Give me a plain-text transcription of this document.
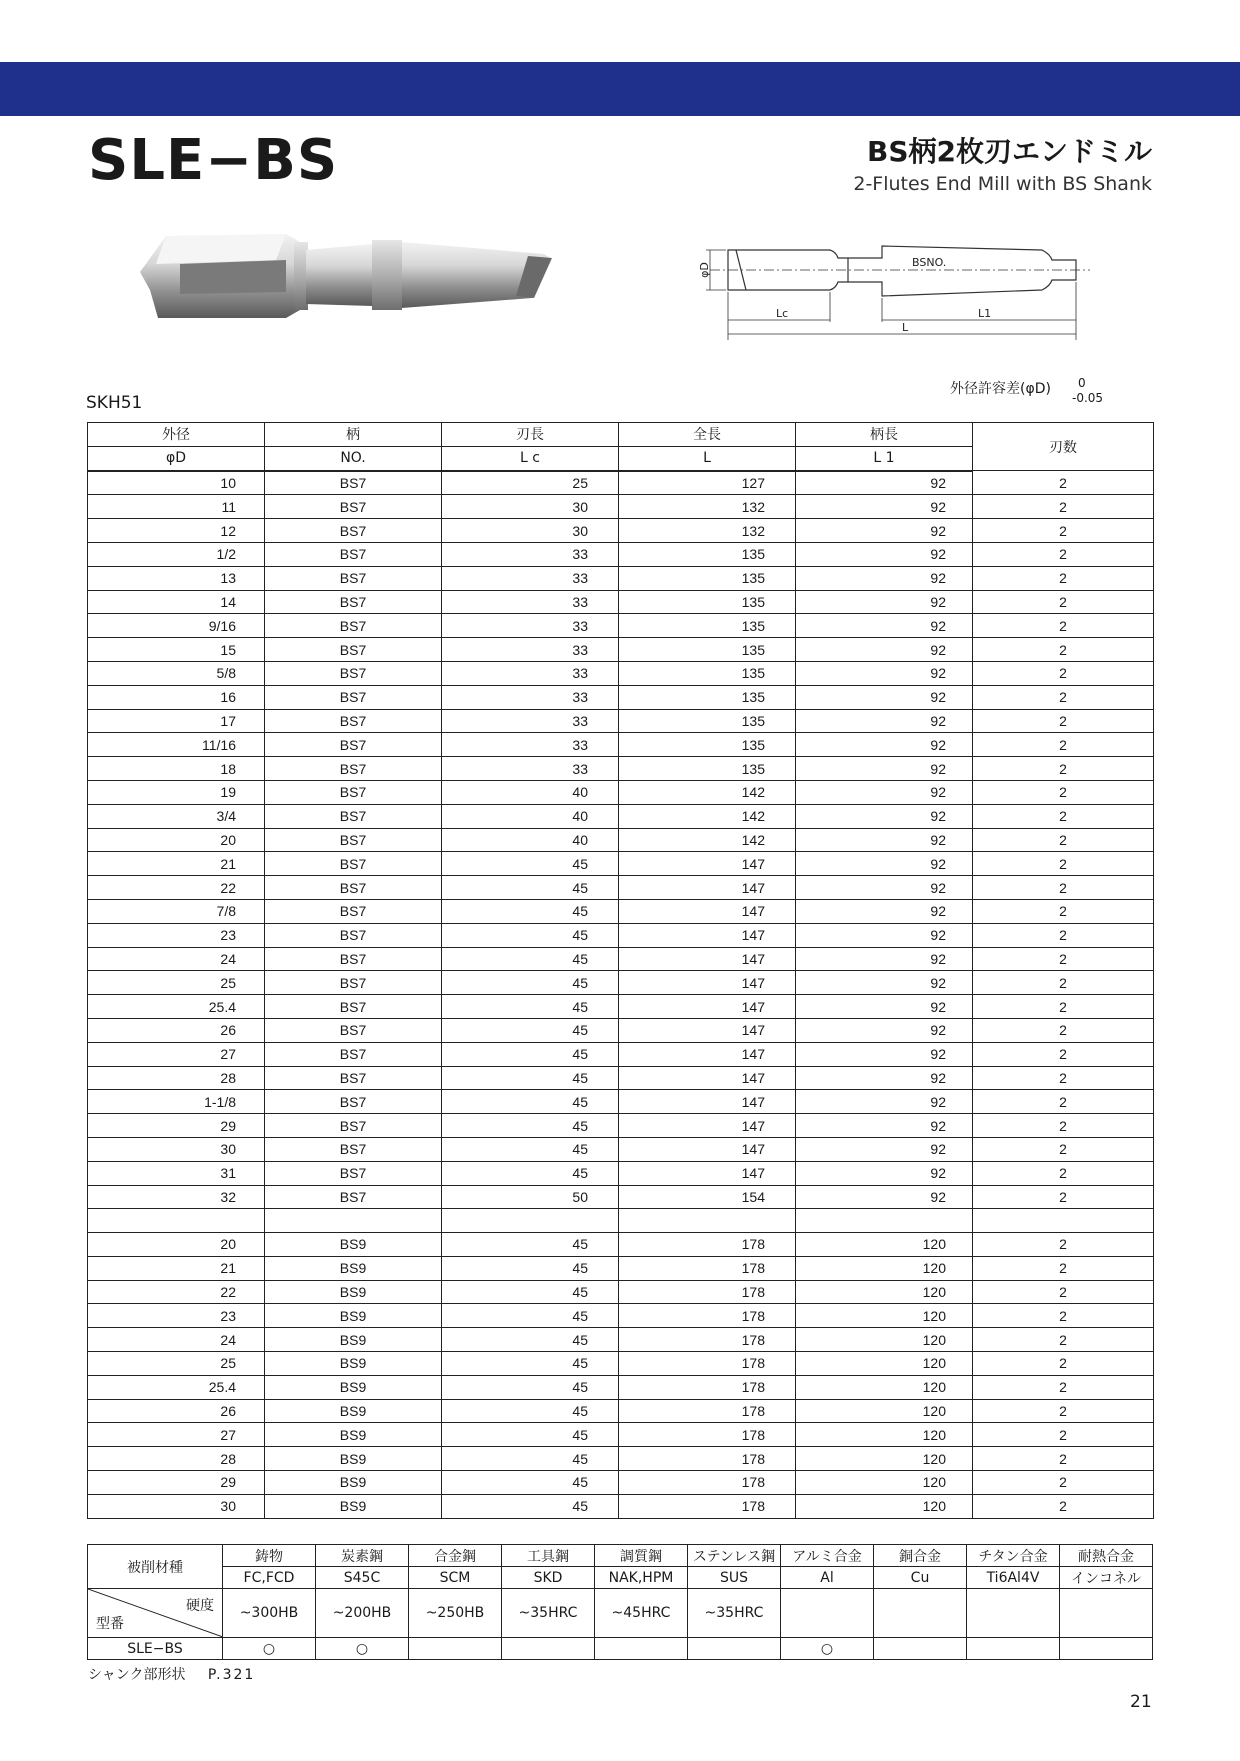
SLE−BS	BS柄2枚刃エンドミル
2-Flutes End Mill with BS Shank
φD	BSNO.
Lc	L1
L
SKH51
外径許容差(φD)	0
-0.05
外径	柄	刃長	全長	柄長	刃数
φD	NO.	L c	L	L 1	
10	BS7	25	127	92	2
11	BS7	30	132	92	2
12	BS7	30	132	92	2
1/2	BS7	33	135	92	2
13	BS7	33	135	92	2
14	BS7	33	135	92	2
9/16	BS7	33	135	92	2
15	BS7	33	135	92	2
5/8	BS7	33	135	92	2
16	BS7	33	135	92	2
17	BS7	33	135	92	2
11/16	BS7	33	135	92	2
18	BS7	33	135	92	2
19	BS7	40	142	92	2
3/4	BS7	40	142	92	2
20	BS7	40	142	92	2
21	BS7	45	147	92	2
22	BS7	45	147	92	2
7/8	BS7	45	147	92	2
23	BS7	45	147	92	2
24	BS7	45	147	92	2
25	BS7	45	147	92	2
25.4	BS7	45	147	92	2
26	BS7	45	147	92	2
27	BS7	45	147	92	2
28	BS7	45	147	92	2
1-1/8	BS7	45	147	92	2
29	BS7	45	147	92	2
30	BS7	45	147	92	2
31	BS7	45	147	92	2
32	BS7	50	154	92	2

20	BS9	45	178	120	2
21	BS9	45	178	120	2
22	BS9	45	178	120	2
23	BS9	45	178	120	2
24	BS9	45	178	120	2
25	BS9	45	178	120	2
25.4	BS9	45	178	120	2
26	BS9	45	178	120	2
27	BS9	45	178	120	2
28	BS9	45	178	120	2
29	BS9	45	178	120	2
30	BS9	45	178	120	2
被削材種	鋳物	炭素鋼	合金鋼	工具鋼	調質鋼	ステンレス鋼	アルミ合金	銅合金	チタン合金	耐熱合金
	FC,FCD	S45C	SCM	SKD	NAK,HPM	SUS	Al	Cu	Ti6Al4V	インコネル

硬度
型番	~300HB	~200HB	~250HB	~35HRC	~45HRC	~35HRC				
SLE−BS	○	○					○			
シャンク部形状 P.321
21
